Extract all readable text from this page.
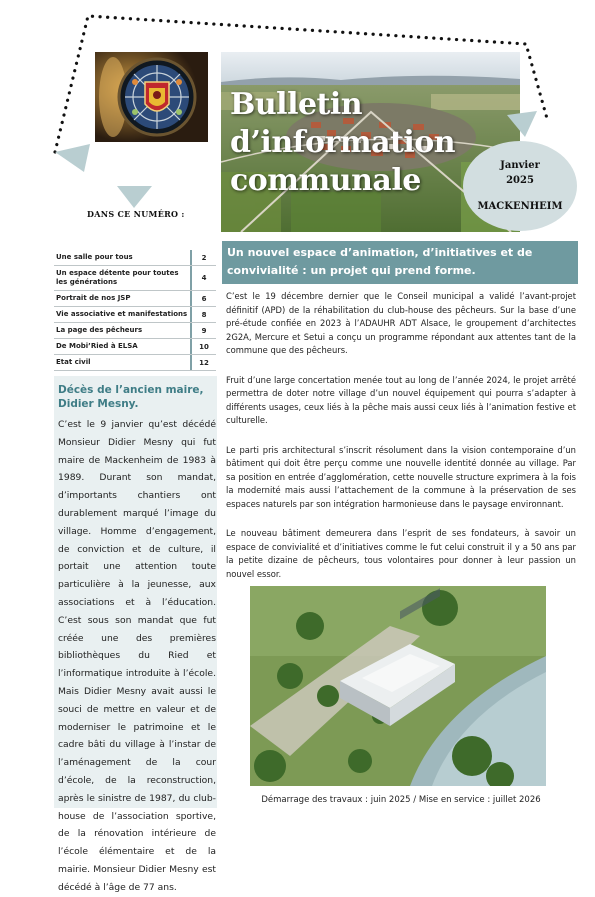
Bulletin
d’information
communale	Janvier
2025
MACKENHEIM
DANS CE NUMÉRO :
Une salle pour tous	2
Un espace détente pour toutes les générations	4
Portrait de nos JSP	6
Vie associative et manifestations	8
La page des pêcheurs	9
De Mobi’Ried à ELSA	10
Etat civil	12
Décès de l’ancien maire, Didier Mesny.
C’est le 9 janvier qu’est décédé Monsieur Didier Mesny qui fut maire de Mackenheim de 1983 à 1989. Durant son mandat, d’importants chantiers ont durablement marqué l’image du village. Homme d’engagement, de conviction et de culture, il portait une attention toute particulière à la jeunesse, aux associations et à l’éducation. C’est sous son mandat que fut créée une des premières bibliothèques du Ried et l’informatique introduite à l’école. Mais Didier Mesny avait aussi le souci de mettre en valeur et de moderniser le patrimoine et le cadre bâti du village à l’instar de l’aménagement de la cour d’école, de la reconstruction, après le sinistre de 1987, du club-house de l’association sportive, de la rénovation intérieure de l’école élémentaire et de la mairie. Monsieur Didier Mesny est décédé à l’âge de 77 ans.
Un nouvel espace d’animation, d’initiatives et de convivialité : un projet qui prend forme.

C’est le 19 décembre dernier que le Conseil municipal a validé l’avant-projet définitif (APD) de la réhabilitation du club-house des pêcheurs. Sur la base d’une pré-étude confiée en 2023 à l’ADAUHR ADT Alsace, le groupement d’architectes 2G2A, Mercure et Setui a conçu un programme répondant aux attentes tant de la commune que des pêcheurs.

Fruit d’une large concertation menée tout au long de l’année 2024, le projet arrêté permettra de doter notre village d’un nouvel équipement qui pourra s’adapter à différents usages, ceux liés à la pêche mais aussi ceux liés à l’animation festive et culturelle.

Le parti pris architectural s’inscrit résolument dans la vision contemporaine d’un bâtiment qui doit être perçu comme une nouvelle identité donnée au village. Par sa position en entrée d’agglomération, cette nouvelle structure exprimera à la fois la modernité mais aussi l’attachement de la commune à la préservation de ses espaces naturels par son intégration harmonieuse dans le paysage environnant.

Le nouveau bâtiment demeurera dans l’esprit de ses fondateurs, à savoir un espace de convivialité et d’initiatives comme le fut celui construit il y a 50 ans par la petite dizaine de pêcheurs, tous volontaires pour donner à leur passion un nouvel essor.

Démarrage des travaux : juin 2025 / Mise en service : juillet 2026
